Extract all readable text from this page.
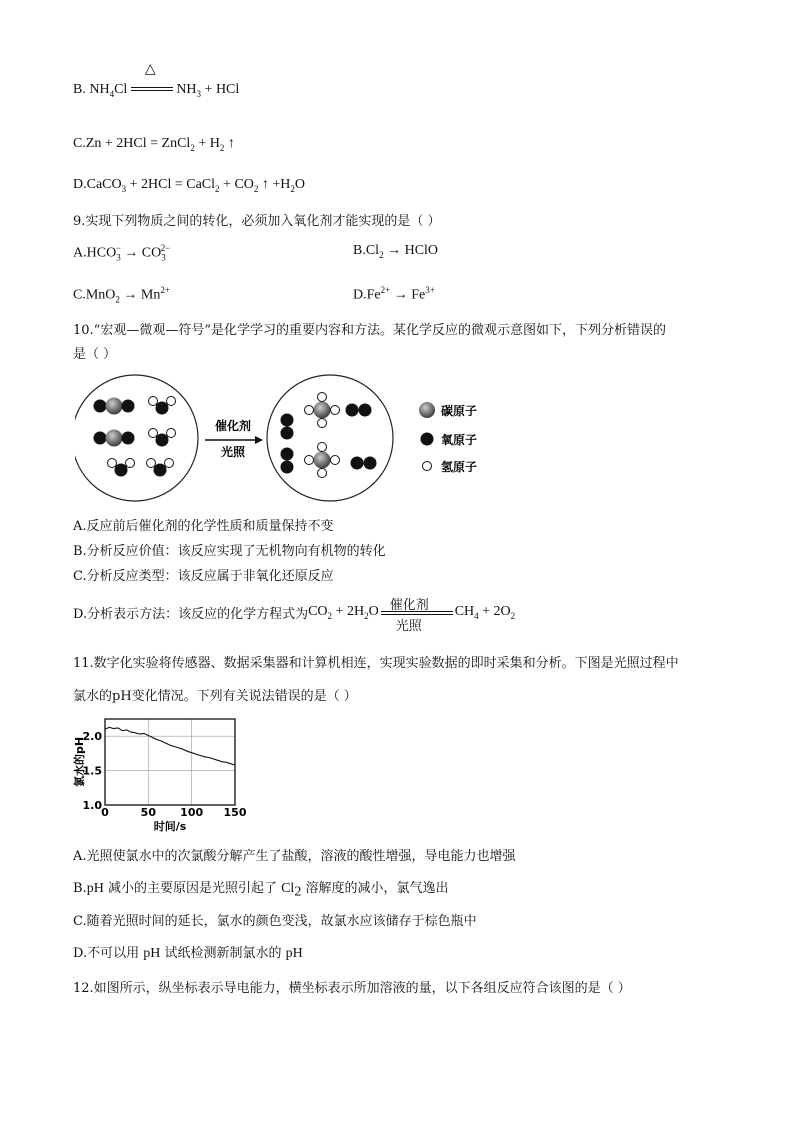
B. $NH_4Cl$
△
$NH_3$ + HCl
C.Zn + 2HCl = ZnCl$_2$ + $H_2$ ↑
D.CaCO$_3$ + 2HCl = CaCl$_2$ + $CO_2$ ↑ $+H_2O$
9.实现下列物质之间的转化，必须加入氧化剂才能实现的是（ ）
$A.HCO_3^- \to CO_3^{2-}$	$B.Cl_2$ → HClO
$C.MnO_2 \to Mn^{2+}$	$D.Fe^{2+} \to Fe^{3+}$
10.“宏观—微观—符号”是化学学习的重要内容和方法。某化学反应的微观示意图如下，下列分析错误的
是（ ）
催化剂
光照
碳原子
氧原子
氢原子
A.反应前后催化剂的化学性质和质量保持不变
B.分析反应价值：该反应实现了无机物向有机物的转化
C.分析反应类型：该反应属于非氧化还原反应
D.分析表示方法：该反应的化学方程式为 $CO_2 + 2H_2O$ 催化剂
光照
$CH_4 + 2O_2$
11.数字化实验将传感器、数据采集器和计算机相连，实现实验数据的即时采集和分析。下图是光照过程中
氯水的pH变化情况。下列有关说法错误的是（ ）
0	50 100 150
1.0
1.5
2.0
时间/s
氯水的pH
A.光照使氯水中的次氯酸分解产生了盐酸，溶液的酸性增强，导电能力也增强
B.pH 减小的主要原因是光照引起了 $Cl_2$ 溶解度的减小，氯气逸出
C.随着光照时间的延长，氯水的颜色变浅，故氯水应该储存于棕色瓶中
D.不可以用 pH 试纸检测新制氯水的 pH
12.如图所示，纵坐标表示导电能力，横坐标表示所加溶液的量，以下各组反应符合该图的是（ ）
